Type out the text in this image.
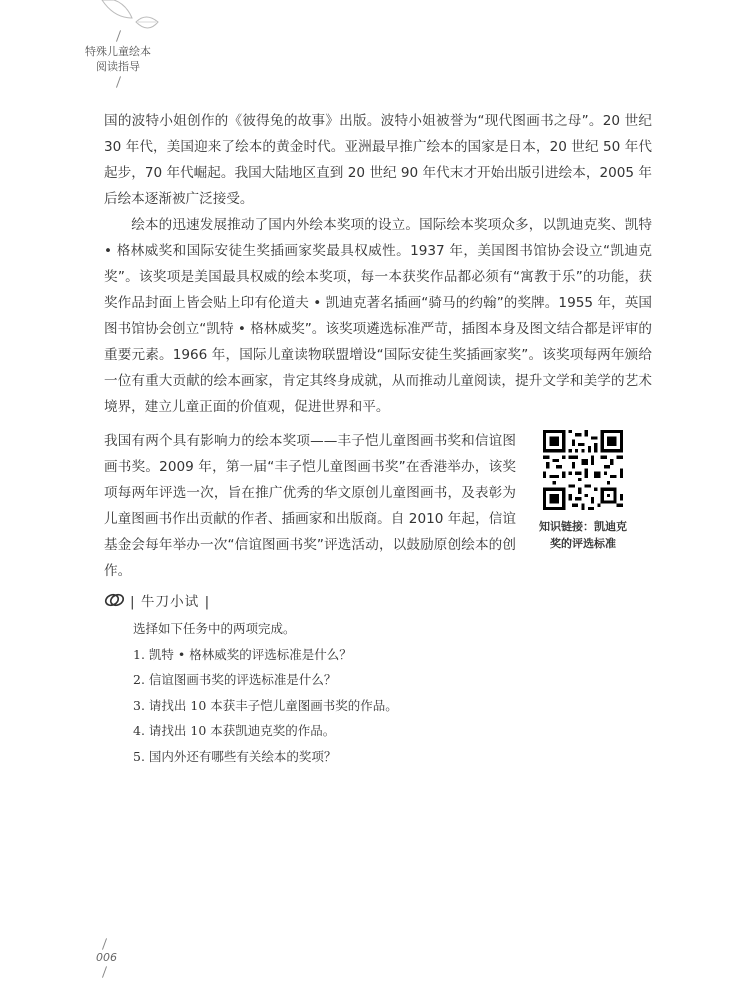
特殊儿童绘本
阅读指导

国的波特小姐创作的《彼得兔的故事》出版。波特小姐被誉为“现代图画书之母”。20 世纪 30 年代，美国迎来了绘本的黄金时代。亚洲最早推广绘本的国家是日本，20 世纪 50 年代起步，70 年代崛起。我国大陆地区直到 20 世纪 90 年代末才开始出版引进绘本，2005 年后绘本逐渐被广泛接受。

绘本的迅速发展推动了国内外绘本奖项的设立。国际绘本奖项众多，以凯迪克奖、凯特 • 格林威奖和国际安徒生奖插画家奖最具权威性。1937 年，美国图书馆协会设立“凯迪克奖”。该奖项是美国最具权威的绘本奖项，每一本获奖作品都必须有“寓教于乐”的功能，获奖作品封面上皆会贴上印有伦道夫 • 凯迪克著名插画“骑马的约翰”的奖牌。1955 年，英国图书馆协会创立“凯特 • 格林威奖”。该奖项遴选标准严苛，插图本身及图文结合都是评审的重要元素。1966 年，国际儿童读物联盟增设“国际安徒生奖插画家奖”。该奖项每两年颁给一位有重大贡献的绘本画家，肯定其终身成就，从而推动儿童阅读，提升文学和美学的艺术境界，建立儿童正面的价值观，促进世界和平。

我国有两个具有影响力的绘本奖项——丰子恺儿童图画书奖和信谊图画书奖。2009 年，第一届“丰子恺儿童图画书奖”在香港举办，该奖项每两年评选一次，旨在推广优秀的华文原创儿童图画书，及表彰为儿童图画书作出贡献的作者、插画家和出版商。自 2010 年起，信谊基金会每年举办一次“信谊图画书奖”评选活动，以鼓励原创绘本的创作。

知识链接：凯迪克
奖的评选标准
| 牛刀小试 |
选择如下任务中的两项完成。
1. 凯特 • 格林威奖的评选标准是什么？
2. 信谊图画书奖的评选标准是什么？
3. 请找出 10 本获丰子恺儿童图画书奖的作品。
4. 请找出 10 本获凯迪克奖的作品。
5. 国内外还有哪些有关绘本的奖项？
006
